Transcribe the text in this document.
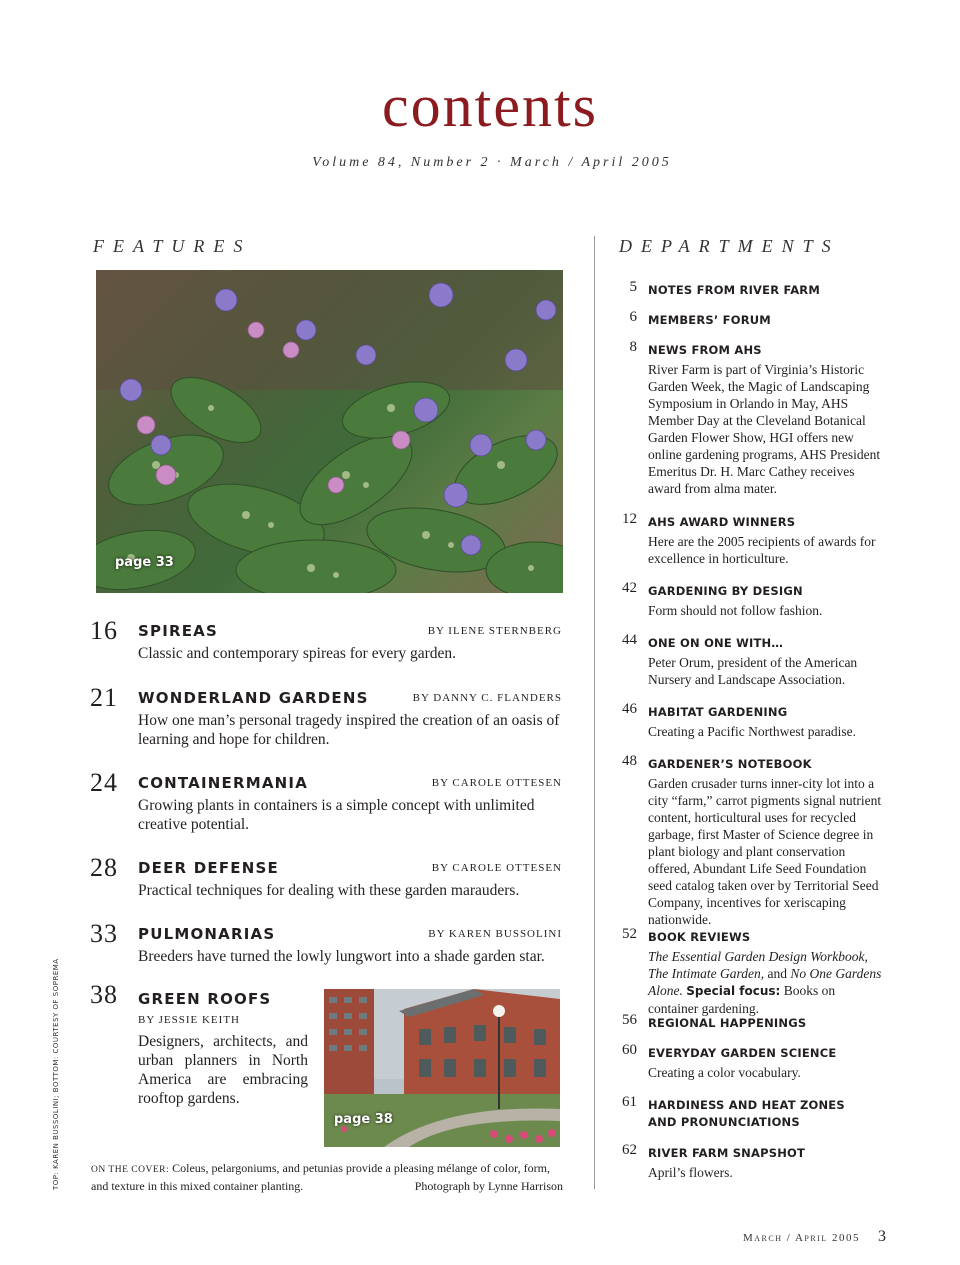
contents
Volume 84, Number 2 · March / April 2005
FEATURES	DEPARTMENTS
page 33
16 SPIREAS	BY ILENE STERNBERG
Classic and contemporary spireas for every garden.
21 WONDERLAND GARDENS	BY DANNY C. FLANDERS
How one man’s personal tragedy inspired the creation of an oasis of learning and hope for children.
24 CONTAINERMANIA	BY CAROLE OTTESEN
Growing plants in containers is a simple concept with unlimited creative potential.
28 DEER DEFENSE	BY CAROLE OTTESEN
Practical techniques for dealing with these garden marauders.
33 PULMONARIAS	BY KAREN BUSSOLINI
Breeders have turned the lowly lungwort into a shade garden star.
38 GREEN ROOFS
BY JESSIE KEITH
Designers, architects, and urban planners in North America are embracing rooftop gardens.
page 38
ON THE COVER: Coleus, pelargoniums, and petunias provide a pleasing mélange of color, form,
and texture in this mixed container planting.	Photograph by Lynne Harrison
TOP: KAREN BUSSOLINI; BOTTOM: COURTESY OF SOPREMA
5 NOTES FROM RIVER FARM
6 MEMBERS’ FORUM
8 NEWS FROM AHS
River Farm is part of Virginia’s Historic Garden Week, the Magic of Landscaping Symposium in Orlando in May, AHS Member Day at the Cleveland Botanical Garden Flower Show, HGI offers new online gardening programs, AHS President Emeritus Dr. H. Marc Cathey receives award from alma mater.
12 AHS AWARD WINNERS
Here are the 2005 recipients of awards for excellence in horticulture.
42 GARDENING BY DESIGN
Form should not follow fashion.
44 ONE ON ONE WITH…
Peter Orum, president of the American Nursery and Landscape Association.
46 HABITAT GARDENING
Creating a Pacific Northwest paradise.
48 GARDENER’S NOTEBOOK
Garden crusader turns inner-city lot into a city “farm,” carrot pigments signal nutrient content, horticultural uses for recycled garbage, first Master of Science degree in plant biology and plant conservation offered, Abundant Life Seed Foundation seed catalog taken over by Territorial Seed Company, incentives for xeriscaping nationwide.
52 BOOK REVIEWS
The Essential Garden Design Workbook, The Intimate Garden, and No One Gardens Alone. Special focus: Books on container gardening.
56 REGIONAL HAPPENINGS
60 EVERYDAY GARDEN SCIENCE
Creating a color vocabulary.
61 HARDINESS AND HEAT ZONES
AND PRONUNCIATIONS
62 RIVER FARM SNAPSHOT
April’s flowers.
March / April 2005 3
